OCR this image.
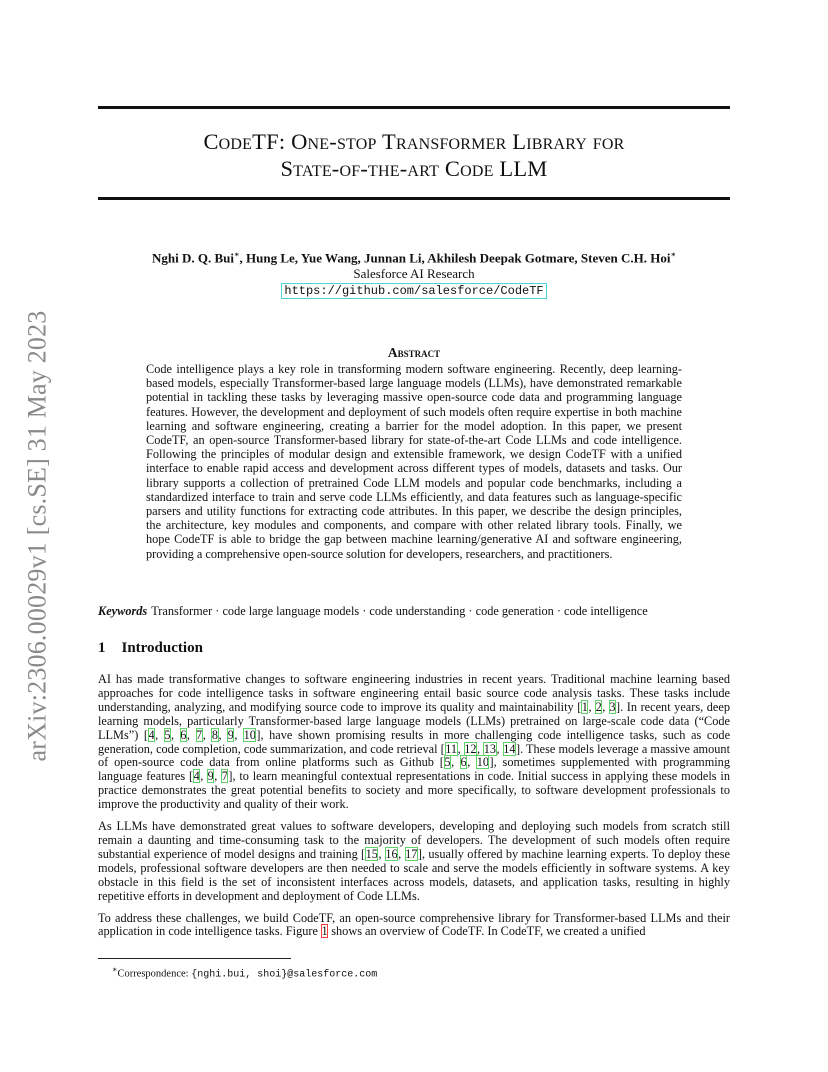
arXiv:2306.00029v1 [cs.SE] 31 May 2023
CodeTF: One-stop Transformer Library for
State-of-the-art Code LLM
Nghi D. Q. Bui∗, Hung Le, Yue Wang, Junnan Li, Akhilesh Deepak Gotmare, Steven C.H. Hoi∗
Salesforce AI Research
https://github.com/salesforce/CodeTF
Abstract
Code intelligence plays a key role in transforming modern software engineering. Recently, deep learning-based models, especially Transformer-based large language models (LLMs), have demonstrated remarkable potential in tackling these tasks by leveraging massive open-source code data and programming language features. However, the development and deployment of such models often require expertise in both machine learning and software engineering, creating a barrier for the model adoption. In this paper, we present CodeTF, an open-source Transformer-based library for state-of-the-art Code LLMs and code intelligence. Following the principles of modular design and extensible framework, we design CodeTF with a unified interface to enable rapid access and development across different types of models, datasets and tasks. Our library supports a collection of pretrained Code LLM models and popular code benchmarks, including a standardized interface to train and serve code LLMs efficiently, and data features such as language-specific parsers and utility functions for extracting code attributes. In this paper, we describe the design principles, the architecture, key modules and components, and compare with other related library tools. Finally, we hope CodeTF is able to bridge the gap between machine learning/generative AI and software engineering, providing a comprehensive open-source solution for developers, researchers, and practitioners.
Keywords Transformer · code large language models · code understanding · code generation · code intelligence
1 Introduction

AI has made transformative changes to software engineering industries in recent years. Traditional machine learning based approaches for code intelligence tasks in software engineering entail basic source code analysis tasks. These tasks include understanding, analyzing, and modifying source code to improve its quality and maintainability [1, 2, 3]. In recent years, deep learning models, particularly Transformer-based large language models (LLMs) pretrained on large-scale code data (“Code LLMs”) [4, 5, 6, 7, 8, 9, 10], have shown promising results in more challenging code intelligence tasks, such as code generation, code completion, code summarization, and code retrieval [11, 12, 13, 14]. These models leverage a massive amount of open-source code data from online platforms such as Github [5, 6, 10], sometimes supplemented with programming language features [4, 9, 7], to learn meaningful contextual representations in code. Initial success in applying these models in practice demonstrates the great potential benefits to society and more specifically, to software development professionals to improve the productivity and quality of their work.

As LLMs have demonstrated great values to software developers, developing and deploying such models from scratch still remain a daunting and time-consuming task to the majority of developers. The development of such models often require substantial experience of model designs and training [15, 16, 17], usually offered by machine learning experts. To deploy these models, professional software developers are then needed to scale and serve the models efficiently in software systems. A key obstacle in this field is the set of inconsistent interfaces across models, datasets, and application tasks, resulting in highly repetitive efforts in development and deployment of Code LLMs.

To address these challenges, we build CodeTF, an open-source comprehensive library for Transformer-based LLMs and their application in code intelligence tasks. Figure 1 shows an overview of CodeTF. In CodeTF, we created a unified

∗Correspondence: {nghi.bui, shoi}@salesforce.com
